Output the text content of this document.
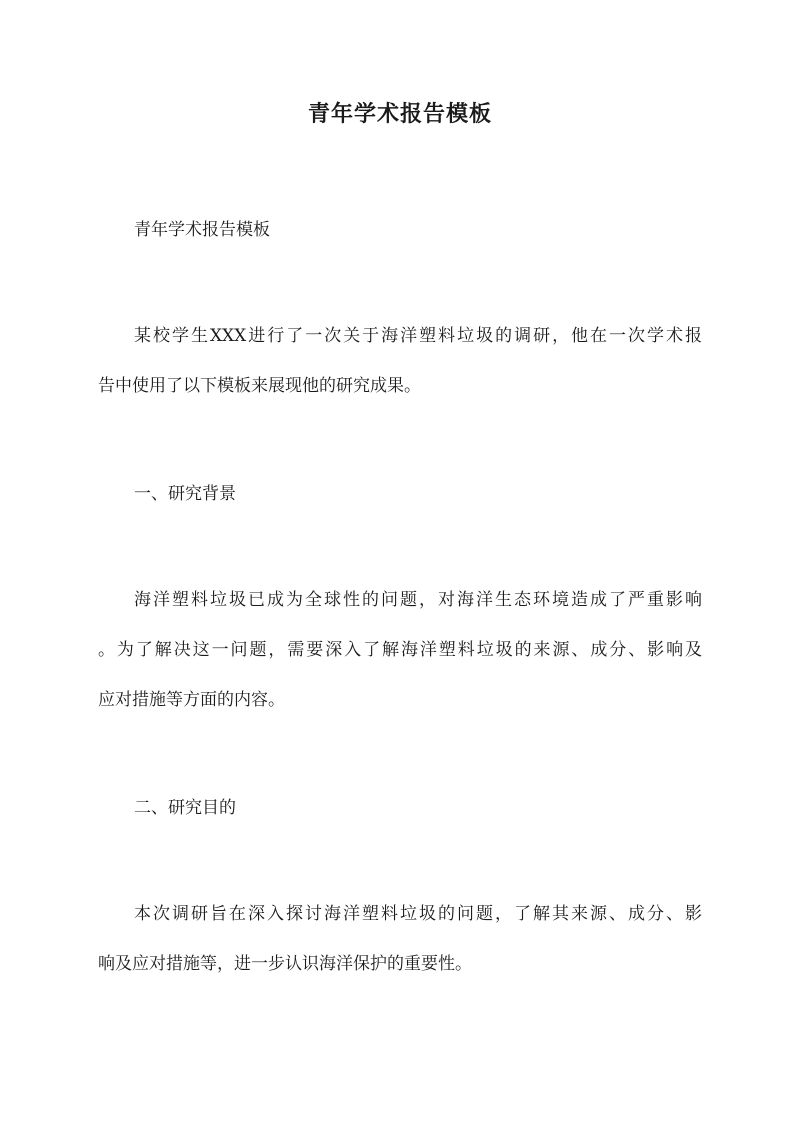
青年学术报告模板
青年学术报告模板
某校学生XXX进行了一次关于海洋塑料垃圾的调研，他在一次学术报
告中使用了以下模板来展现他的研究成果。
一、研究背景
海洋塑料垃圾已成为全球性的问题，对海洋生态环境造成了严重影响
。为了解决这一问题，需要深入了解海洋塑料垃圾的来源、成分、影响及
应对措施等方面的内容。
二、研究目的
本次调研旨在深入探讨海洋塑料垃圾的问题，了解其来源、成分、影
响及应对措施等，进一步认识海洋保护的重要性。
